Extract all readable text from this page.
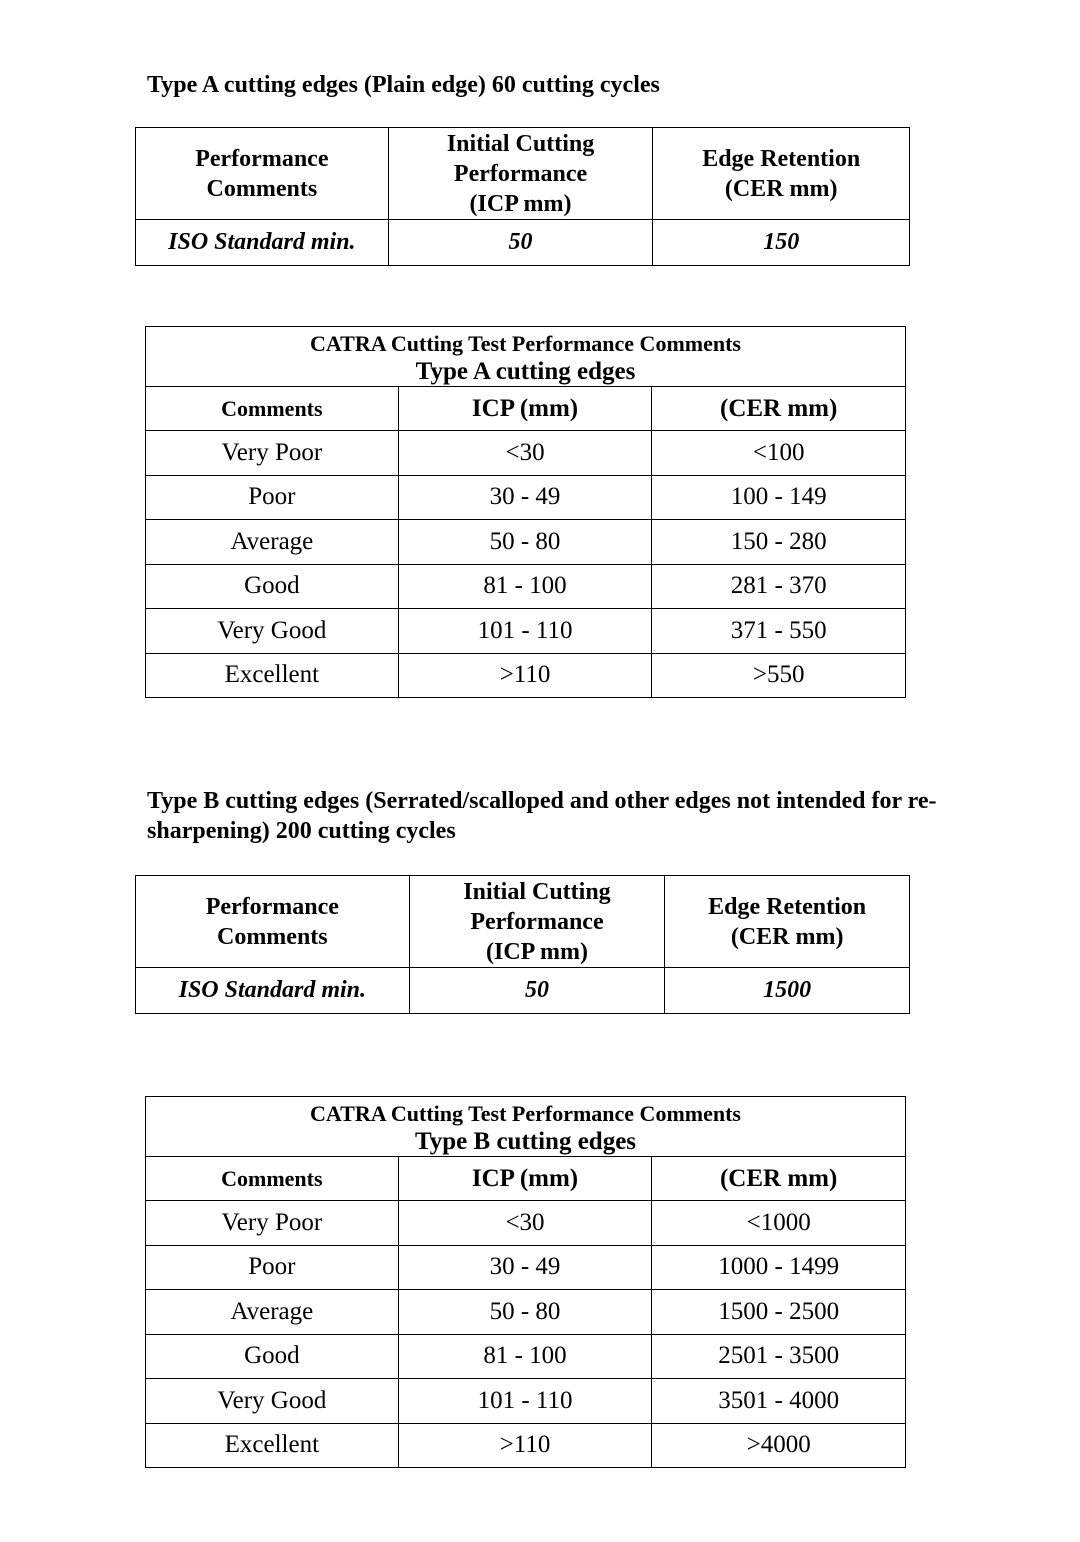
Type A cutting edges (Plain edge) 60 cutting cycles

Performance
Comments	Initial Cutting
Performance
(ICP mm)	Edge Retention
(CER mm)
ISO Standard min.	50	150
CATRA Cutting Test Performance Comments
Type A cutting edges		

Comments	ICP (mm)	(CER mm)
Very Poor	<30	<100
Poor	30 - 49	100 - 149
Average	50 - 80	150 - 280
Good	81 - 100	281 - 370
Very Good	101 - 110	371 - 550
Excellent	>110	>550

Type B cutting edges (Serrated/scalloped and other edges not intended for re-sharpening) 200 cutting cycles

Performance
Comments	Initial Cutting
Performance
(ICP mm)	Edge Retention
(CER mm)
ISO Standard min.	50	1500
CATRA Cutting Test Performance Comments
Type B cutting edges		

Comments	ICP (mm)	(CER mm)
Very Poor	<30	<1000
Poor	30 - 49	1000 - 1499
Average	50 - 80	1500 - 2500
Good	81 - 100	2501 - 3500
Very Good	101 - 110	3501 - 4000
Excellent	>110	>4000
